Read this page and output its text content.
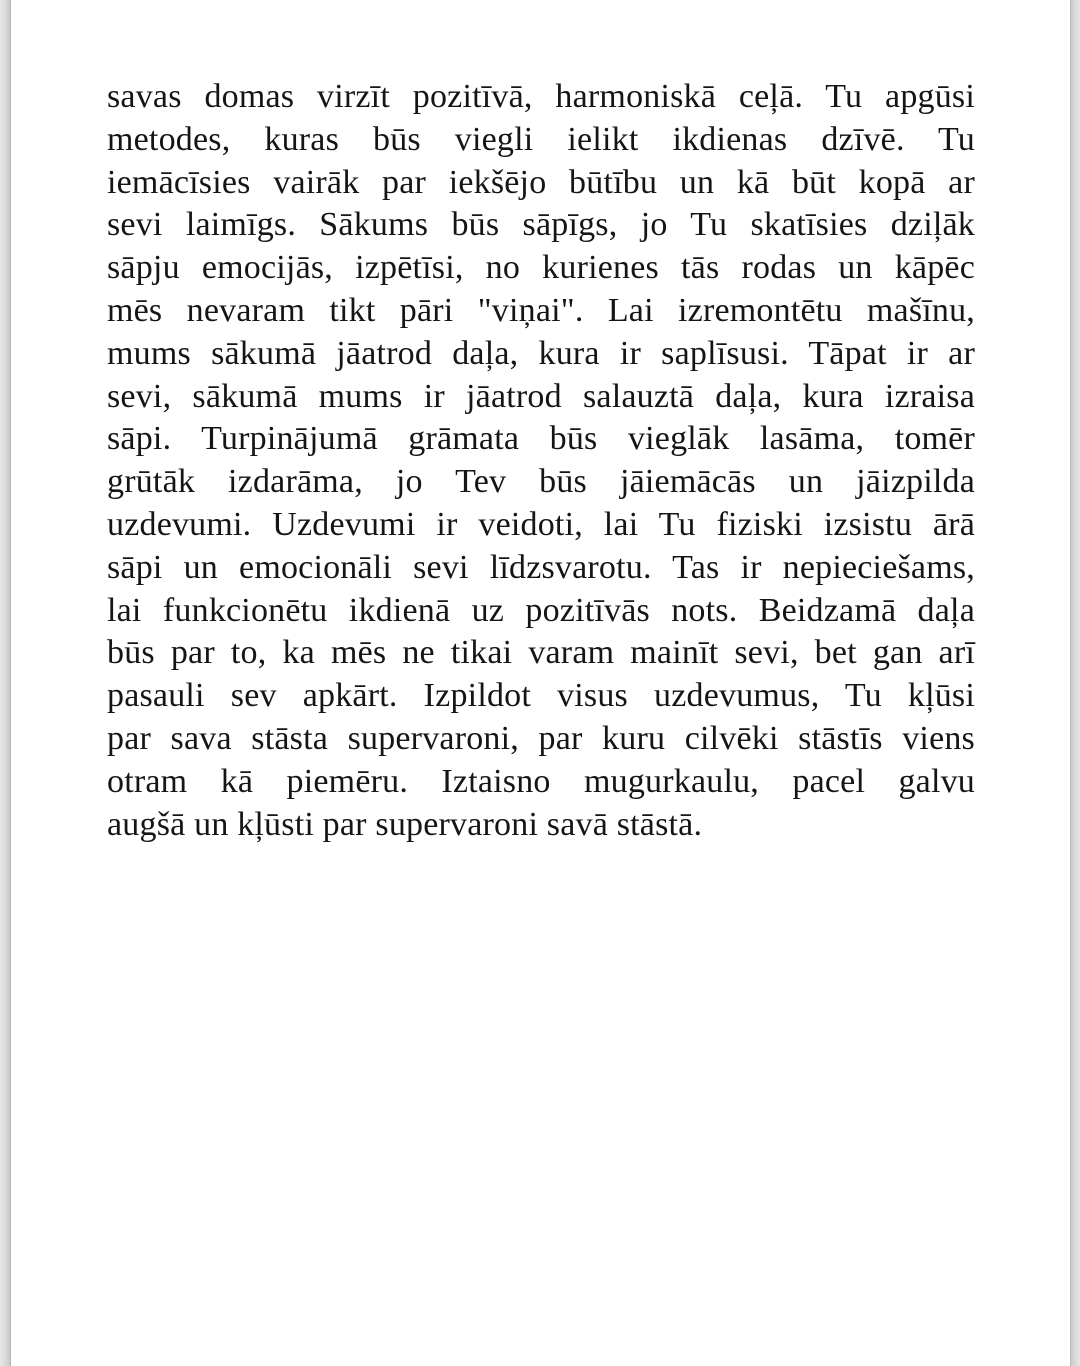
savas domas virzīt pozitīvā, harmoniskā ceļā. Tu apgūsi
metodes, kuras būs viegli ielikt ikdienas dzīvē. Tu
iemācīsies vairāk par iekšējo būtību un kā būt kopā ar
sevi laimīgs. Sākums būs sāpīgs, jo Tu skatīsies dziļāk
sāpju emocijās, izpētīsi, no kurienes tās rodas un kāpēc
mēs nevaram tikt pāri "viņai". Lai izremontētu mašīnu,
mums sākumā jāatrod daļa, kura ir saplīsusi. Tāpat ir ar
sevi, sākumā mums ir jāatrod salauztā daļa, kura izraisa
sāpi. Turpinājumā grāmata būs vieglāk lasāma, tomēr
grūtāk izdarāma, jo Tev būs jāiemācās un jāizpilda
uzdevumi. Uzdevumi ir veidoti, lai Tu fiziski izsistu ārā
sāpi un emocionāli sevi līdzsvarotu. Tas ir nepieciešams,
lai funkcionētu ikdienā uz pozitīvās nots. Beidzamā daļa
būs par to, ka mēs ne tikai varam mainīt sevi, bet gan arī
pasauli sev apkārt. Izpildot visus uzdevumus, Tu kļūsi
par sava stāsta supervaroni, par kuru cilvēki stāstīs viens
otram kā piemēru. Iztaisno mugurkaulu, pacel galvu
augšā un kļūsti par supervaroni savā stāstā.
